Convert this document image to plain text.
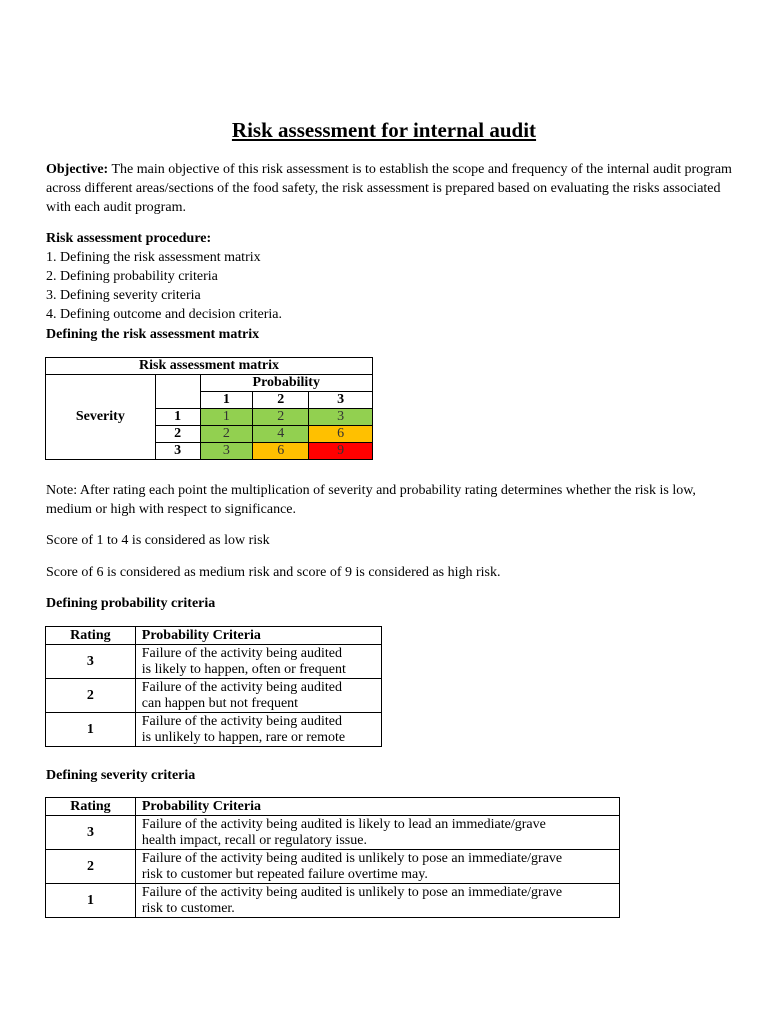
Risk assessment for internal audit
Objective: The main objective of this risk assessment is to establish the scope and frequency of the internal audit program across different areas/sections of the food safety, the risk assessment is prepared based on evaluating the risks associated with each audit program.
Risk assessment procedure:
1. Defining the risk assessment matrix
2. Defining probability criteria
3. Defining severity criteria
4. Defining outcome and decision criteria.
Defining the risk assessment matrix
Risk assessment matrix				
Severity		Probability		
		1	2	3
	1	1	2	3
	2	2	4	6
	3	3	6	9
Note: After rating each point the multiplication of severity and probability rating determines whether the risk is low, medium or high with respect to significance.
Score of 1 to 4 is considered as low risk
Score of 6 is considered as medium risk and score of 9 is considered as high risk.
Defining probability criteria
Rating	Probability Criteria
3	Failure of the activity being audited
is likely to happen, often or frequent

2	Failure of the activity being audited
can happen but not frequent

1	Failure of the activity being audited
is unlikely to happen, rare or remote
Defining severity criteria
Rating	Probability Criteria
3	Failure of the activity being audited is likely to lead an immediate/grave
health impact, recall or regulatory issue.

2	Failure of the activity being audited is unlikely to pose an immediate/grave
risk to customer but repeated failure overtime may.

1	Failure of the activity being audited is unlikely to pose an immediate/grave
risk to customer.
